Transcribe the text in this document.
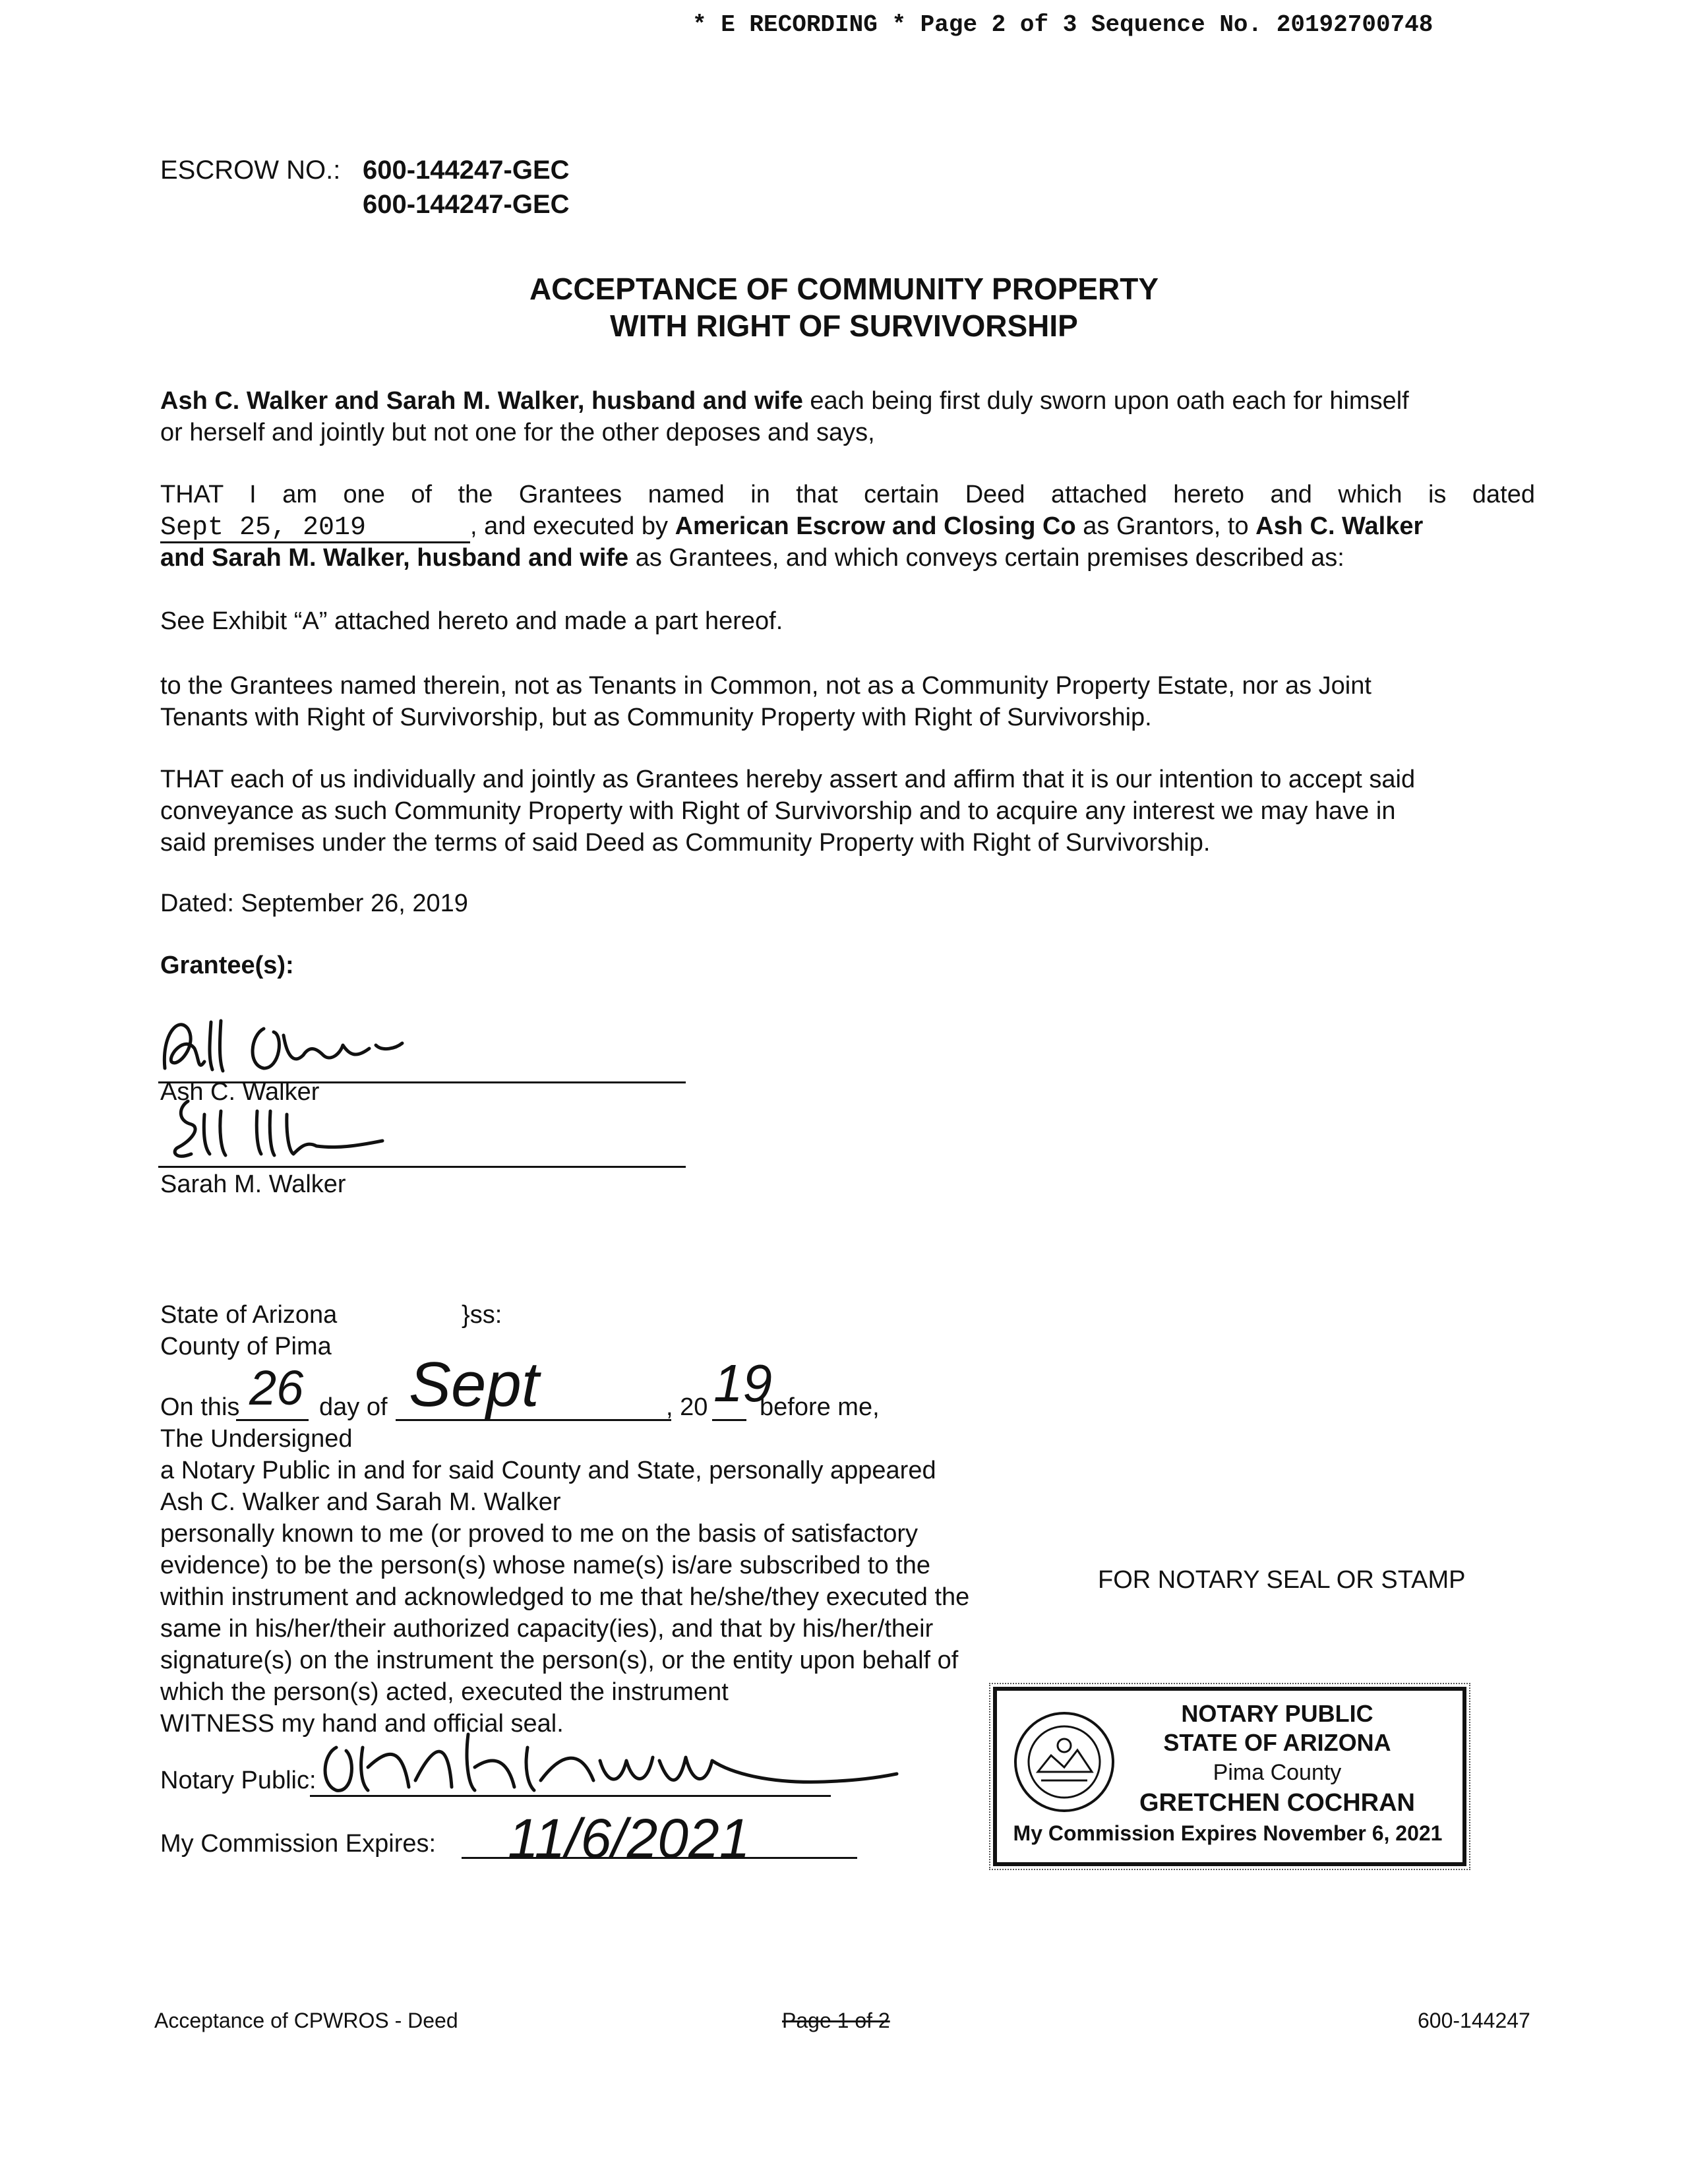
* E RECORDING * Page 2 of 3 Sequence No. 20192700748
ESCROW NO.: 600-144247-GEC
600-144247-GEC
ACCEPTANCE OF COMMUNITY PROPERTY
WITH RIGHT OF SURVIVORSHIP
Ash C. Walker and Sarah M. Walker, husband and wife each being first duly sworn upon oath each for himself
or herself and jointly but not one for the other deposes and says,
THAT I am one of the Grantees named in that certain Deed attached hereto and which is dated
Sept 25, 2019	, and executed by American Escrow and Closing Co as Grantors, to Ash C. Walker
and Sarah M. Walker, husband and wife as Grantees, and which conveys certain premises described as:
See Exhibit “A” attached hereto and made a part hereof.
to the Grantees named therein, not as Tenants in Common, not as a Community Property Estate, nor as Joint
Tenants with Right of Survivorship, but as Community Property with Right of Survivorship.
THAT each of us individually and jointly as Grantees hereby assert and affirm that it is our intention to accept said
conveyance as such Community Property with Right of Survivorship and to acquire any interest we may have in
said premises under the terms of said Deed as Community Property with Right of Survivorship.
Dated: September 26, 2019
Grantee(s):
Ash C. Walker
Sarah M. Walker
State of Arizona	}ss:
County of Pima
On this 26 day of Sept	, 20 19
before me,
The Undersigned
a Notary Public in and for said County and State, personally appeared
Ash C. Walker and Sarah M. Walker
personally known to me (or proved to me on the basis of satisfactory
evidence) to be the person(s) whose name(s) is/are subscribed to the
within instrument and acknowledged to me that he/she/they executed the
same in his/her/their authorized capacity(ies), and that by his/her/their
signature(s) on the instrument the person(s), or the entity upon behalf of
which the person(s) acted, executed the instrument
WITNESS my hand and official seal.
FOR NOTARY SEAL OR STAMP
Notary Public:
My Commission Expires: 11/6/2021
NOTARY PUBLIC
STATE OF ARIZONA
Pima County
GRETCHEN COCHRAN
My Commission Expires November 6, 2021
Acceptance of CPWROS - Deed	Page 1 of 2	600-144247
